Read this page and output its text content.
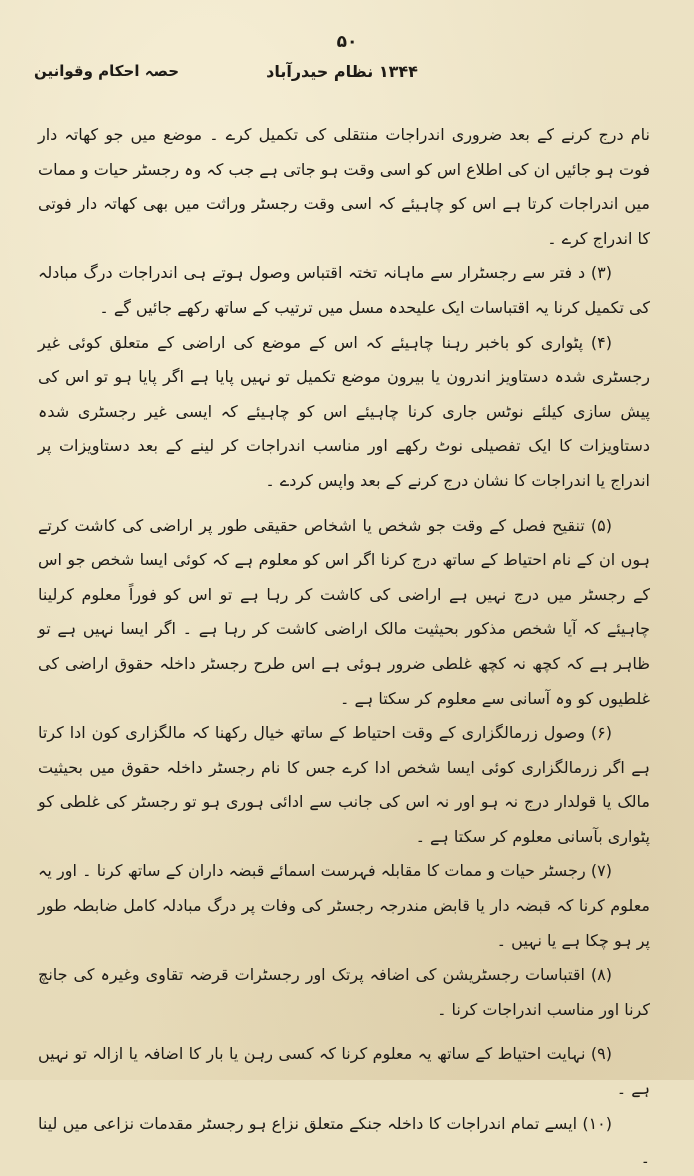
۵۰
۱۳۴۴ نظام حیدرآباد
حصہ احکام وقوانین

نام درج کرنے کے بعد ضروری اندراجات منتقلی کی تکمیل کرے ۔ موضع میں جو کھاتہ دار فوت ہو جائیں ان کی اطلاع اس کو اسی وقت ہو جاتی ہے جب کہ وہ رجسٹر حیات و ممات میں اندراجات کرتا ہے اس کو چاہیئے کہ اسی وقت رجسٹر وراثت میں بھی کھاتہ دار فوتی کا اندراج کرے ۔

(۳) د فتر سے رجسٹرار سے ماہانہ تختہ اقتباس وصول ہوتے ہی اندراجات درگ مبادلہ کی تکمیل کرنا یہ اقتباسات ایک علیحدہ مسل میں ترتیب کے ساتھ رکھے جائیں گے ۔

(۴) پٹواری کو باخبر رہنا چاہیئے کہ اس کے موضع کی اراضی کے متعلق کوئی غیر رجسٹری شدہ دستاویز اندرون یا بیرون موضع تکمیل تو نہیں پایا ہے اگر پایا ہو تو اس کی پیش سازی کیلئے نوٹس جاری کرنا چاہیئے اس کو چاہیئے کہ ایسی غیر رجسٹری شدہ دستاویزات کا ایک تفصیلی نوٹ رکھے اور مناسب اندراجات کر لینے کے بعد دستاویزات پر اندراج یا اندراجات کا نشان درج کرنے کے بعد واپس کردے ۔

(۵) تنقیح فصل کے وقت جو شخص یا اشخاص حقیقی طور پر اراضی کی کاشت کرتے ہوں ان کے نام احتیاط کے ساتھ درج کرنا اگر اس کو معلوم ہے کہ کوئی ایسا شخص جو اس کے رجسٹر میں درج نہیں ہے اراضی کی کاشت کر رہا ہے تو اس کو فوراً معلوم کرلینا چاہیئے کہ آیا شخص مذکور بحیثیت مالک اراضی کاشت کر رہا ہے ۔ اگر ایسا نہیں ہے تو ظاہر ہے کہ کچھ نہ کچھ غلطی ضرور ہوئی ہے اس طرح رجسٹر داخلہ حقوق اراضی کی غلطیوں کو وہ آسانی سے معلوم کر سکتا ہے ۔

(۶) وصول زرمالگزاری کے وقت احتیاط کے ساتھ خیال رکھنا کہ مالگزاری کون ادا کرتا ہے اگر زرمالگزاری کوئی ایسا شخص ادا کرے جس کا نام رجسٹر داخلہ حقوق میں بحیثیت مالک یا قولدار درج نہ ہو اور نہ اس کی جانب سے ادائی ہوری ہو تو رجسٹر کی غلطی کو پٹواری بآسانی معلوم کر سکتا ہے ۔

(۷) رجسٹر حیات و ممات کا مقابلہ فہرست اسمائے قبضہ داران کے ساتھ کرنا ۔ اور یہ معلوم کرنا کہ قبضہ دار یا قابض مندرجہ رجسٹر کی وفات پر درگ مبادلہ کامل ضابطہ طور پر ہو چکا ہے یا نہیں ۔

(۸) اقتباسات رجسٹریشن کی اضافہ پرتک اور رجسٹرات قرضہ تقاوی وغیرہ کی جانچ کرنا اور مناسب اندراجات کرنا ۔

(۹) نہایت احتیاط کے ساتھ یہ معلوم کرنا کہ کسی رہن یا بار کا اضافہ یا ازالہ تو نہیں ہے ۔

(۱۰) ایسے تمام اندراجات کا داخلہ جنکے متعلق نزاع ہو رجسٹر مقدمات نزاعی میں لینا ۔
